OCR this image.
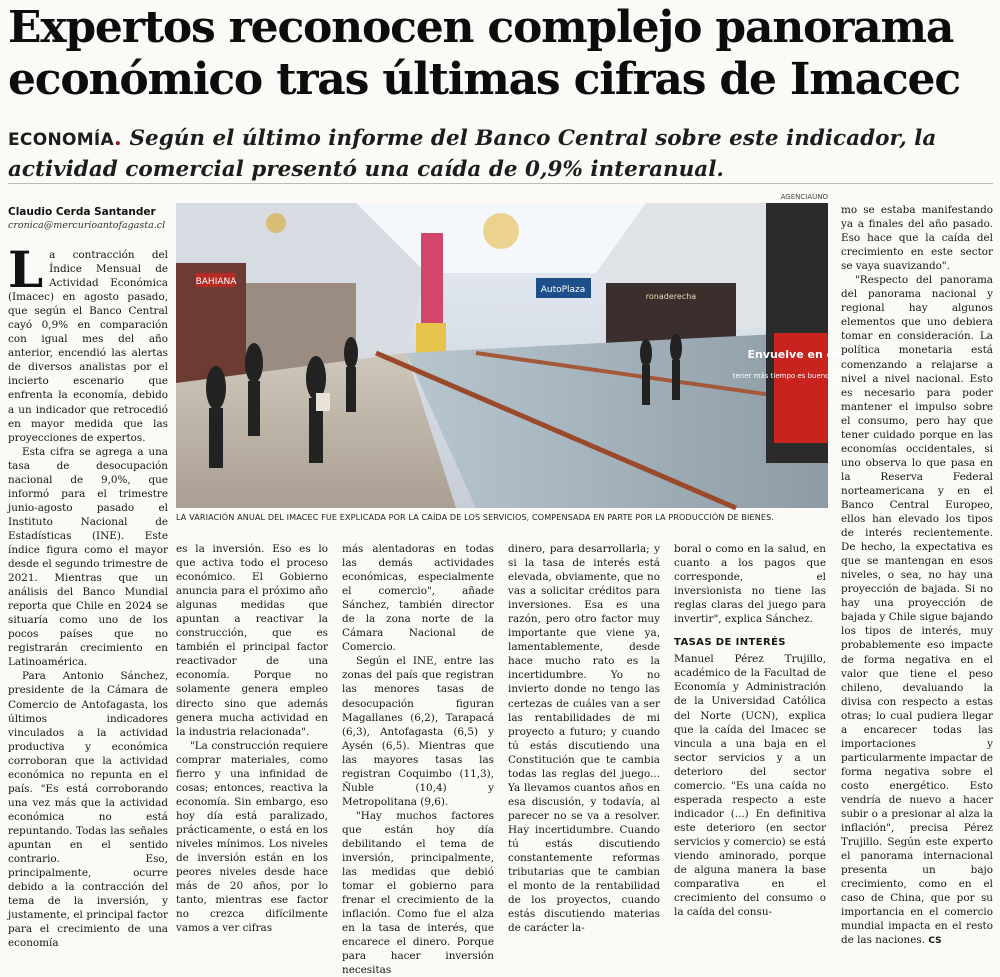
Expertos reconocen complejo panorama económico tras últimas cifras de Imacec
ECONOMÍA. Según el último informe del Banco Central sobre este indicador, la actividad comercial presentó una caída de 0,9% interanual.
Claudio Cerda Santander
cronica@mercurioantofagasta.cl
AGENCIAUNO
BAHIANA
AutoPlaza
ronaderecha
Envuelve en casa
tener más tiempo es bueno para todos
LA VARIACIÓN ANUAL DEL IMACEC FUE EXPLICADA POR LA CAÍDA DE LOS SERVICIOS, COMPENSADA EN PARTE POR LA PRODUCCIÓN DE BIENES.

La contracción del Índice Mensual de Actividad Económica (Imacec) en agosto pasado, que según el Banco Central cayó 0,9% en comparación con igual mes del año anterior, encendió las alertas de diversos analistas por el incierto escenario que enfrenta la economía, debido a un indicador que retrocedió en mayor medida que las proyecciones de expertos.

Esta cifra se agrega a una tasa de desocupación nacional de 9,0%, que informó para el trimestre junio-agosto pasado el Instituto Nacional de Estadísticas (INE). Este índice figura como el mayor desde el segundo trimestre de 2021. Mientras que un análisis del Banco Mundial reporta que Chile en 2024 se situaría como uno de los pocos países que no registrarán crecimiento en Latinoamérica.

Para Antonio Sánchez, presidente de la Cámara de Comercio de Antofagasta, los últimos indicadores vinculados a la actividad productiva y económica corroboran que la actividad económica no repunta en el país. "Es está corroborando una vez más que la actividad económica no está repuntando. Todas las señales apuntan en el sentido contrario. Eso, principalmente, ocurre debido a la contracción del tema de la inversión, y justamente, el principal factor para el crecimiento de una economía

es la inversión. Eso es lo que activa todo el proceso económico. El Gobierno anuncia para el próximo año algunas medidas que apuntan a reactivar la construcción, que es también el principal factor reactivador de una economía. Porque no solamente genera empleo directo sino que además genera mucha actividad en la industria relacionada".

"La construcción requiere comprar materiales, como fierro y una infinidad de cosas; entonces, reactiva la economía. Sin embargo, eso hoy día está paralizado, prácticamente, o está en los niveles mínimos. Los niveles de inversión están en los peores niveles desde hace más de 20 años, por lo tanto, mientras ese factor no crezca difícilmente vamos a ver cifras

más alentadoras en todas las demás actividades económicas, especialmente el comercio", añade Sánchez, también director de la zona norte de la Cámara Nacional de Comercio.

Según el INE, entre las zonas del país que registran las menores tasas de desocupación figuran Magallanes (6,2), Tarapacá (6,3), Antofagasta (6,5) y Aysén (6,5). Mientras que las mayores tasas las registran Coquimbo (11,3), Ñuble (10,4) y Metropolitana (9,6).

"Hay muchos factores que están hoy día debilitando el tema de inversión, principalmente, las medidas que debió tomar el gobierno para frenar el crecimiento de la inflación. Como fue el alza en la tasa de interés, que encarece el dinero. Porque para hacer inversión necesitas

dinero, para desarrollarla; y si la tasa de interés está elevada, obviamente, que no vas a solicitar créditos para inversiones. Esa es una razón, pero otro factor muy importante que viene ya, lamentablemente, desde hace mucho rato es la incertidumbre. Yo no invierto donde no tengo las certezas de cuáles van a ser las rentabilidades de mi proyecto a futuro; y cuando tú estás discutiendo una Constitución que te cambia todas las reglas del juego... Ya llevamos cuantos años en esa discusión, y todavía, al parecer no se va a resolver. Hay incertidumbre. Cuando tú estás discutiendo constantemente reformas tributarias que te cambian el monto de la rentabilidad de los proyectos, cuando estás discutiendo materias de carácter la-

boral o como en la salud, en cuanto a los pagos que corresponde, el inversionista no tiene las reglas claras del juego para invertir", explica Sánchez.

TASAS DE INTERÉS

Manuel Pérez Trujillo, académico de la Facultad de Economía y Administración de la Universidad Católica del Norte (UCN), explica que la caída del Imacec se vincula a una baja en el sector servicios y a un deterioro del sector comercio. "Es una caída no esperada respecto a este indicador (...) En definitiva este deterioro (en sector servicios y comercio) se está viendo aminorado, porque de alguna manera la base comparativa en el crecimiento del consumo o la caída del consu-

mo se estaba manifestando ya a finales del año pasado. Eso hace que la caída del crecimiento en este sector se vaya suavizando".

"Respecto del panorama del panorama nacional y regional hay algunos elementos que uno debiera tomar en consideración. La política monetaria está comenzando a relajarse a nivel a nivel nacional. Esto es necesario para poder mantener el impulso sobre el consumo, pero hay que tener cuidado porque en las economías occidentales, si uno observa lo que pasa en la Reserva Federal norteamericana y en el Banco Central Europeo, ellos han elevado los tipos de interés recientemente. De hecho, la expectativa es que se mantengan en esos niveles, o sea, no hay una proyección de bajada. Si no hay una proyección de bajada y Chile sigue bajando los tipos de interés, muy probablemente eso impacte de forma negativa en el valor que tiene el peso chileno, devaluando la divisa con respecto a estas otras; lo cual pudiera llegar a encarecer todas las importaciones y particularmente impactar de forma negativa sobre el costo energético. Esto vendría de nuevo a hacer subir o a presionar al alza la inflación", precisa Pérez Trujillo. Según este experto el panorama internacional presenta un bajo crecimiento, como en el caso de China, que por su importancia en el comercio mundial impacta en el resto de las naciones. CS
